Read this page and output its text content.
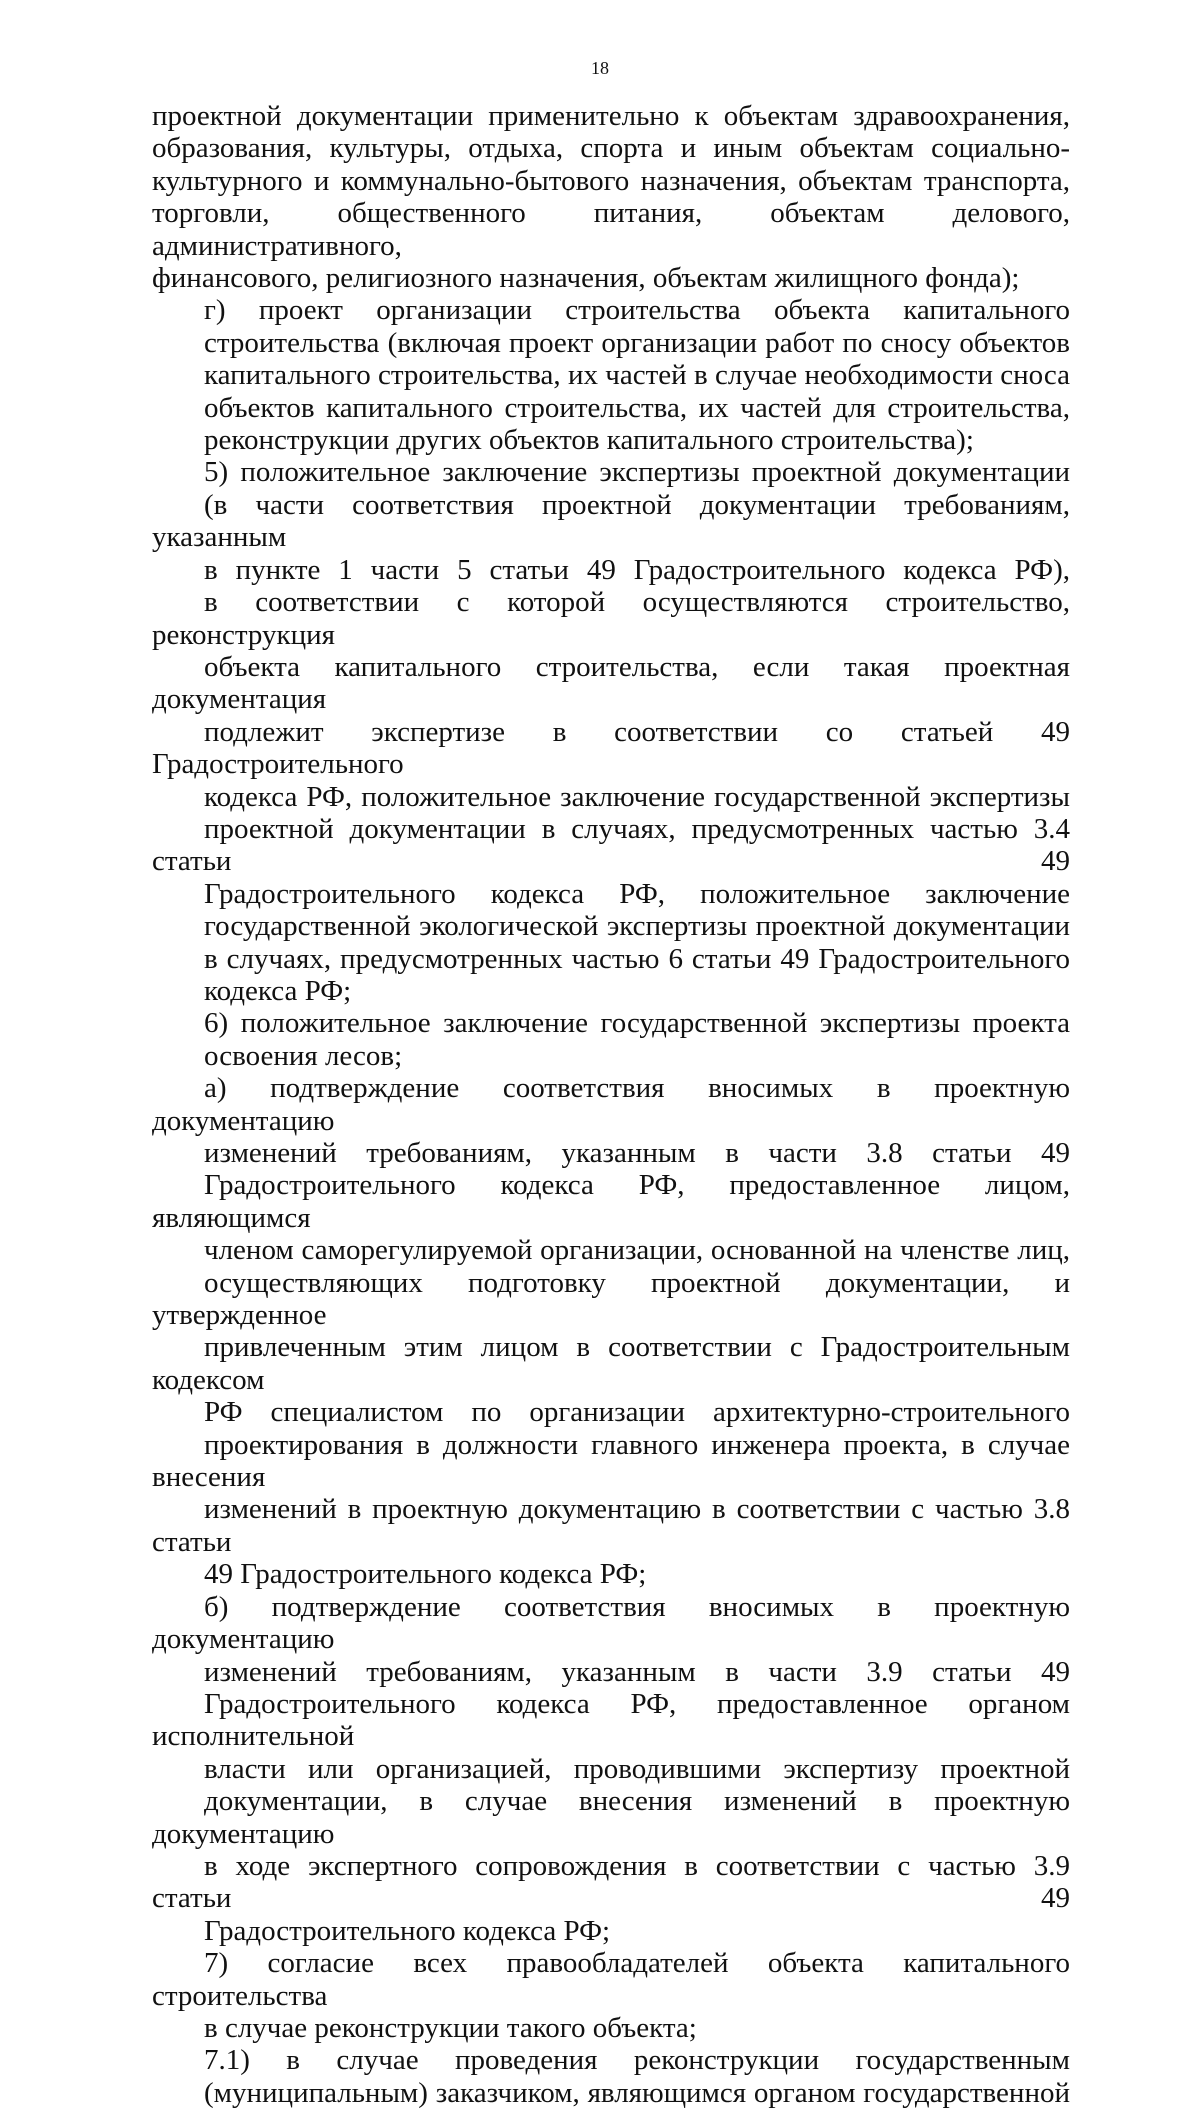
18

проектной документации применительно к объектам здравоохранения,
образования, культуры, отдыха, спорта и иным объектам социально-
культурного и коммунально-бытового назначения, объектам транспорта,
торговли, общественного питания, объектам делового, административного,
финансового, религиозного назначения, объектам жилищного фонда);

г) проект организации строительства объекта капитального
строительства (включая проект организации работ по сносу объектов
капитального строительства, их частей в случае необходимости сноса
объектов капитального строительства, их частей для строительства,
реконструкции других объектов капитального строительства);

5) положительное заключение экспертизы проектной документации
(в части соответствия проектной документации требованиям, указанным
в пункте 1 части 5 статьи 49 Градостроительного кодекса РФ),
в соответствии с которой осуществляются строительство, реконструкция
объекта капитального строительства, если такая проектная документация
подлежит экспертизе в соответствии со статьей 49 Градостроительного
кодекса РФ, положительное заключение государственной экспертизы
проектной документации в случаях, предусмотренных частью 3.4 статьи 49
Градостроительного кодекса РФ, положительное заключение
государственной экологической экспертизы проектной документации
в случаях, предусмотренных частью 6 статьи 49 Градостроительного
кодекса РФ;

6) положительное заключение государственной экспертизы проекта
освоения лесов;

а) подтверждение соответствия вносимых в проектную документацию
изменений требованиям, указанным в части 3.8 статьи 49
Градостроительного кодекса РФ, предоставленное лицом, являющимся
членом саморегулируемой организации, основанной на членстве лиц,
осуществляющих подготовку проектной документации, и утвержденное
привлеченным этим лицом в соответствии с Градостроительным кодексом
РФ специалистом по организации архитектурно-строительного
проектирования в должности главного инженера проекта, в случае внесения
изменений в проектную документацию в соответствии с частью 3.8 статьи
49 Градостроительного кодекса РФ;

б) подтверждение соответствия вносимых в проектную документацию
изменений требованиям, указанным в части 3.9 статьи 49
Градостроительного кодекса РФ, предоставленное органом исполнительной
власти или организацией, проводившими экспертизу проектной
документации, в случае внесения изменений в проектную документацию
в ходе экспертного сопровождения в соответствии с частью 3.9 статьи 49
Градостроительного кодекса РФ;

7) согласие всех правообладателей объекта капитального строительства
в случае реконструкции такого объекта;

7.1) в случае проведения реконструкции государственным
(муниципальным) заказчиком, являющимся органом государственной
